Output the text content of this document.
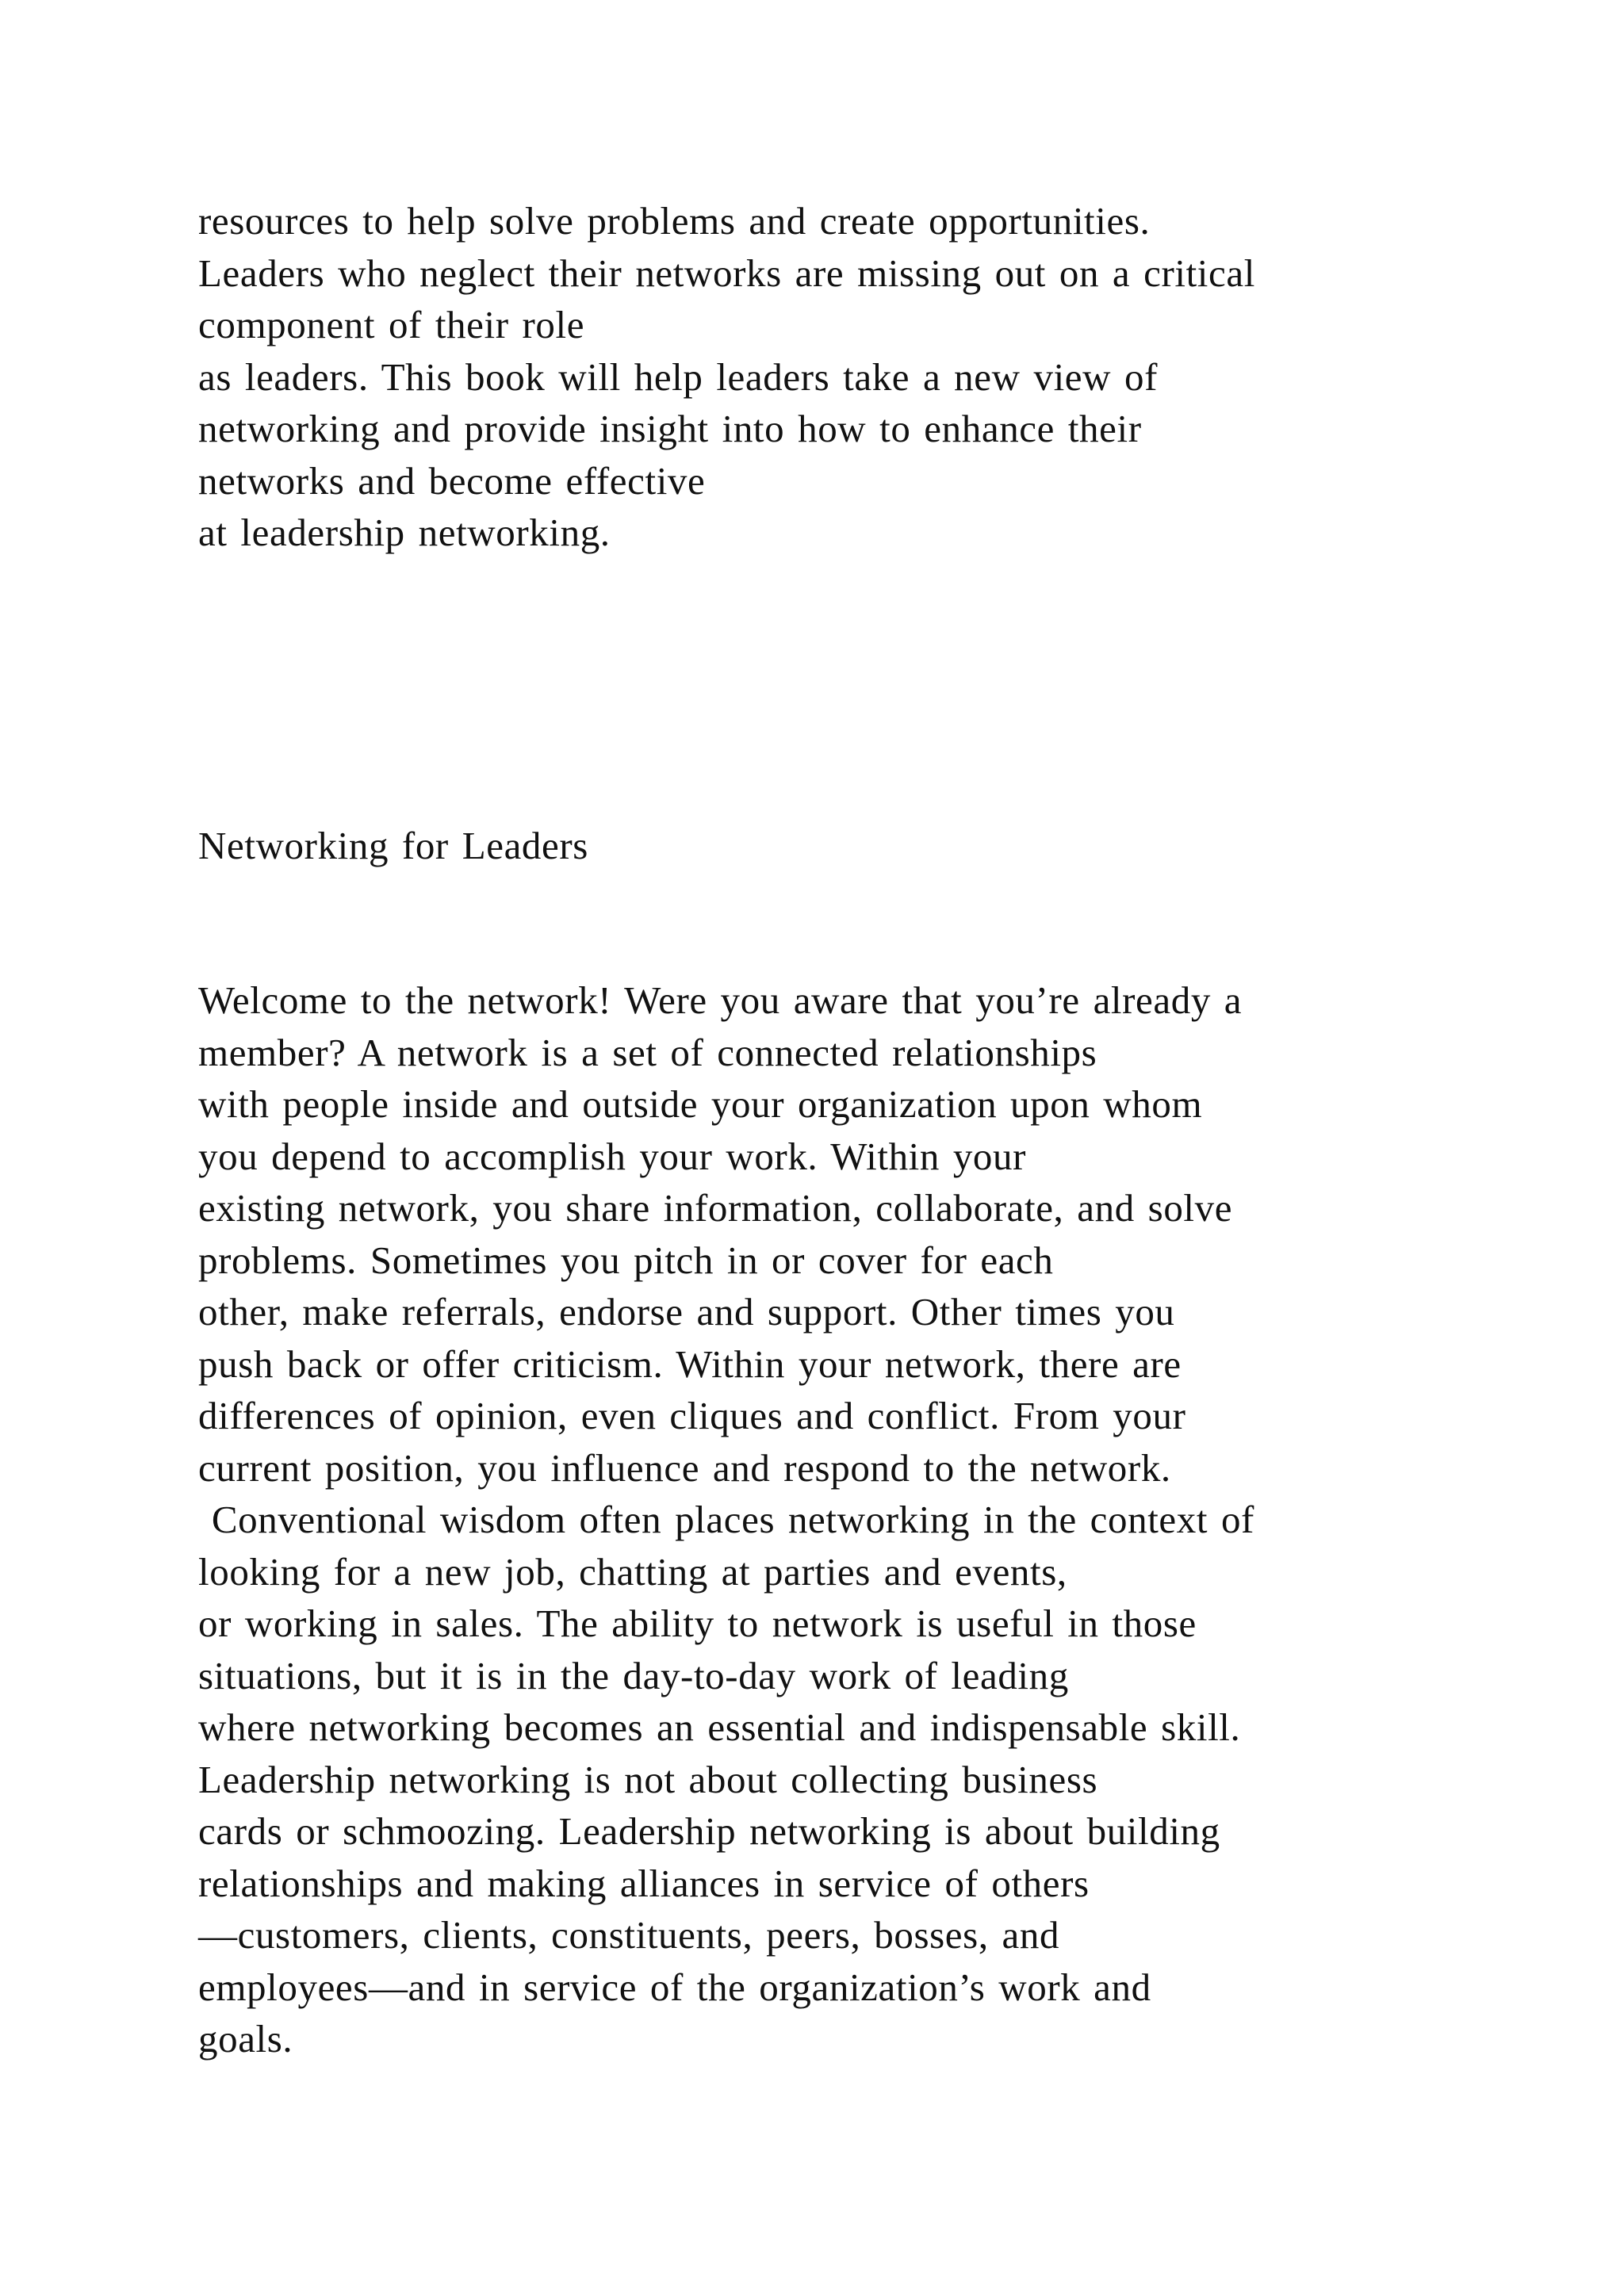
resources to help solve problems and create opportunities.
Leaders who neglect their networks are missing out on a critical
component of their role
as leaders. This book will help leaders take a new view of
networking and provide insight into how to enhance their
networks and become effective
at leadership networking.
Networking for Leaders
Welcome to the network! Were you aware that you’re already a
member? A network is a set of connected relationships
with people inside and outside your organization upon whom
you depend to accomplish your work. Within your
existing network, you share information, collaborate, and solve
problems. Sometimes you pitch in or cover for each
other, make referrals, endorse and support. Other times you
push back or offer criticism. Within your network, there are
differences of opinion, even cliques and conflict. From your
current position, you influence and respond to the network.
Conventional wisdom often places networking in the context of
looking for a new job, chatting at parties and events,
or working in sales. The ability to network is useful in those
situations, but it is in the day-to-day work of leading
where networking becomes an essential and indispensable skill.
Leadership networking is not about collecting business
cards or schmoozing. Leadership networking is about building
relationships and making alliances in service of others
—customers, clients, constituents, peers, bosses, and
employees—and in service of the organization’s work and
goals.
